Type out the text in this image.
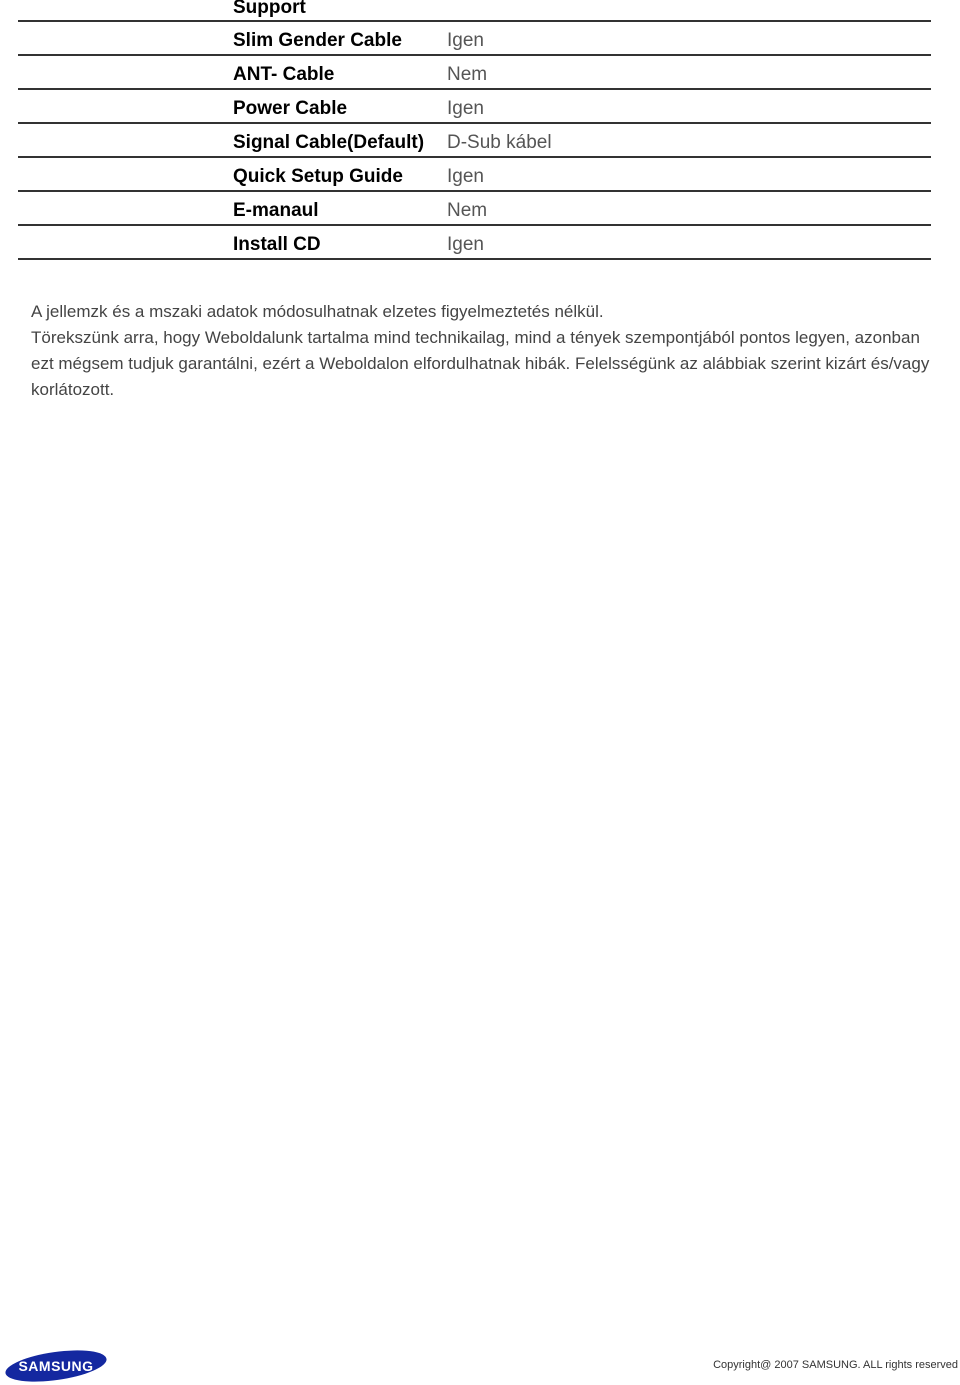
Support
Slim Gender Cable Igen
ANT- Cable	Nem
Power Cable	Igen
Signal Cable(Default) D-Sub kábel
Quick Setup Guide Igen
E-manaul	Nem
Install CD	Igen

A jellemzk és a mszaki adatok módosulhatnak elzetes figyelmeztetés nélkül.
Törekszünk arra, hogy Weboldalunk tartalma mind technikailag, mind a tények szempontjából pontos legyen, azonban ezt mégsem tudjuk garantálni, ezért a Weboldalon elfordulhatnak hibák. Felelsségünk az alábbiak szerint kizárt és/vagy korlátozott.

SAMSUNG	Copyright@ 2007 SAMSUNG. ALL rights reserved
